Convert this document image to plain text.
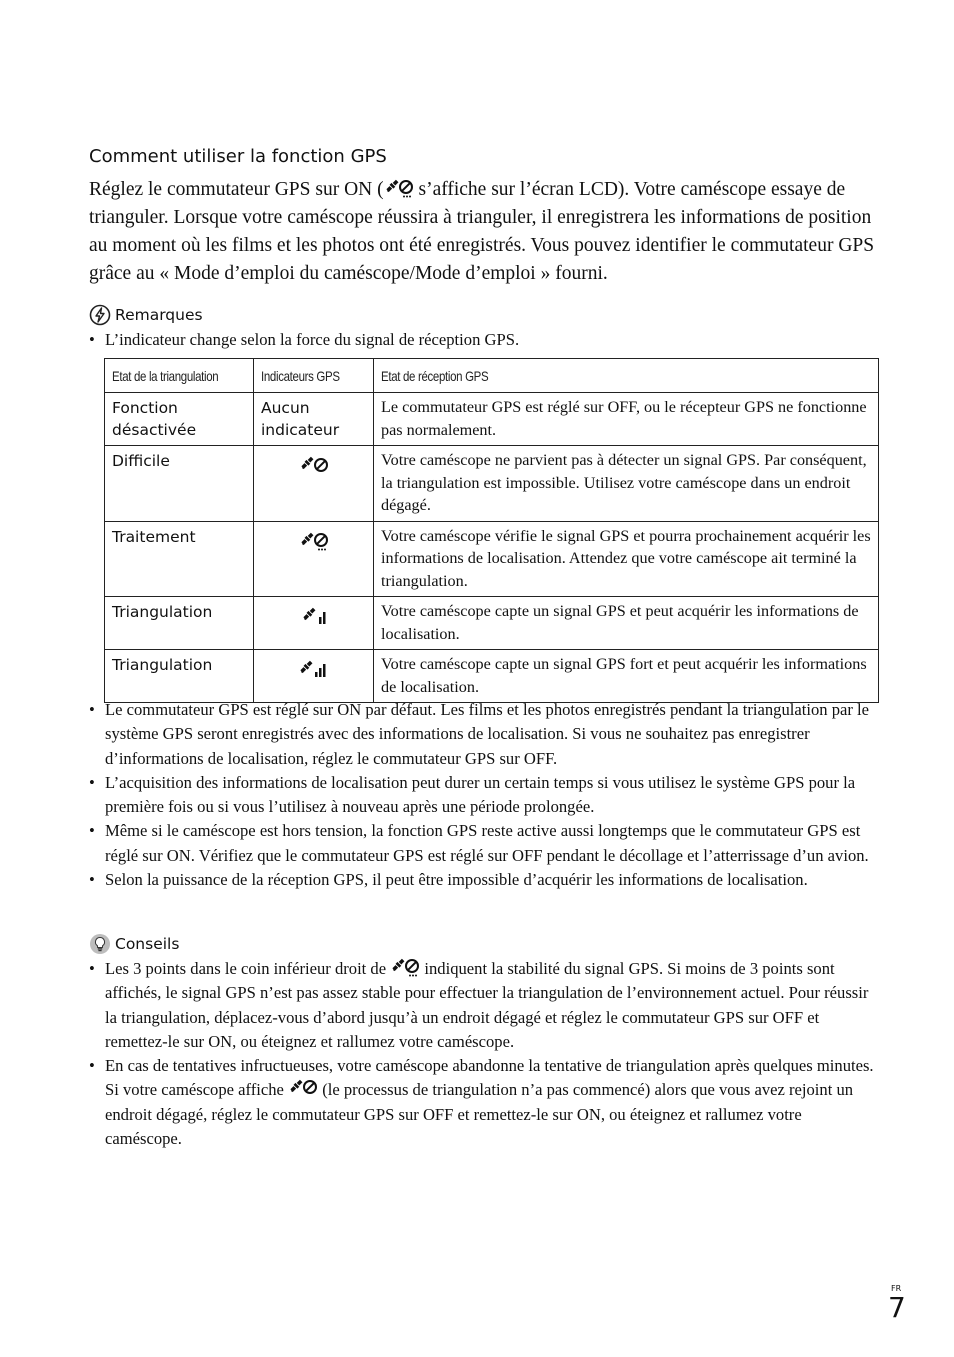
Comment utiliser la fonction GPS

Réglez le commutateur GPS sur ON ( s’affiche sur l’écran LCD). Votre caméscope essaye de trianguler. Lorsque votre caméscope réussira à trianguler, il enregistrera les informations de position au moment où les films et les photos ont été enregistrés. Vous pouvez identifier le commutateur GPS grâce au « Mode d’emploi du caméscope/Mode d’emploi » fourni.

Remarques
• L’indicateur change selon la force du signal de réception GPS.
Etat de la triangulation	Indicateurs GPS	Etat de réception GPS
Fonction désactivée	Aucun indicateur	Le commutateur GPS est réglé sur OFF, ou le récepteur GPS ne fonctionne pas normalement.
Difficile		Votre caméscope ne parvient pas à détecter un signal GPS. Par conséquent, la triangulation est impossible. Utilisez votre caméscope dans un endroit dégagé.
Traitement		Votre caméscope vérifie le signal GPS et pourra prochainement acquérir les informations de localisation. Attendez que votre caméscope ait terminé la triangulation.
Triangulation		Votre caméscope capte un signal GPS et peut acquérir les informations de localisation.
Triangulation		Votre caméscope capte un signal GPS fort et peut acquérir les informations de localisation.
• Le commutateur GPS est réglé sur ON par défaut. Les films et les photos enregistrés pendant la triangulation par le système GPS seront enregistrés avec des informations de localisation. Si vous ne souhaitez pas enregistrer d’informations de localisation, réglez le commutateur GPS sur OFF.
• L’acquisition des informations de localisation peut durer un certain temps si vous utilisez le système GPS pour la première fois ou si vous l’utilisez à nouveau après une période prolongée.
• Même si le caméscope est hors tension, la fonction GPS reste active aussi longtemps que le commutateur GPS est réglé sur ON. Vérifiez que le commutateur GPS est réglé sur OFF pendant le décollage et l’atterrissage d’un avion.
• Selon la puissance de la réception GPS, il peut être impossible d’acquérir les informations de localisation.
Conseils
• Les 3 points dans le coin inférieur droit de  indiquent la stabilité du signal GPS. Si moins de 3 points sont affichés, le signal GPS n’est pas assez stable pour effectuer la triangulation de l’environnement actuel. Pour réussir la triangulation, déplacez-vous d’abord jusqu’à un endroit dégagé et réglez le commutateur GPS sur OFF et remettez-le sur ON, ou éteignez et rallumez votre caméscope.
• En cas de tentatives infructueuses, votre caméscope abandonne la tentative de triangulation après quelques minutes. Si votre caméscope affiche  (le processus de triangulation n’a pas commencé) alors que vous avez rejoint un endroit dégagé, réglez le commutateur GPS sur OFF et remettez-le sur ON, ou éteignez et rallumez votre caméscope.
FR
7
